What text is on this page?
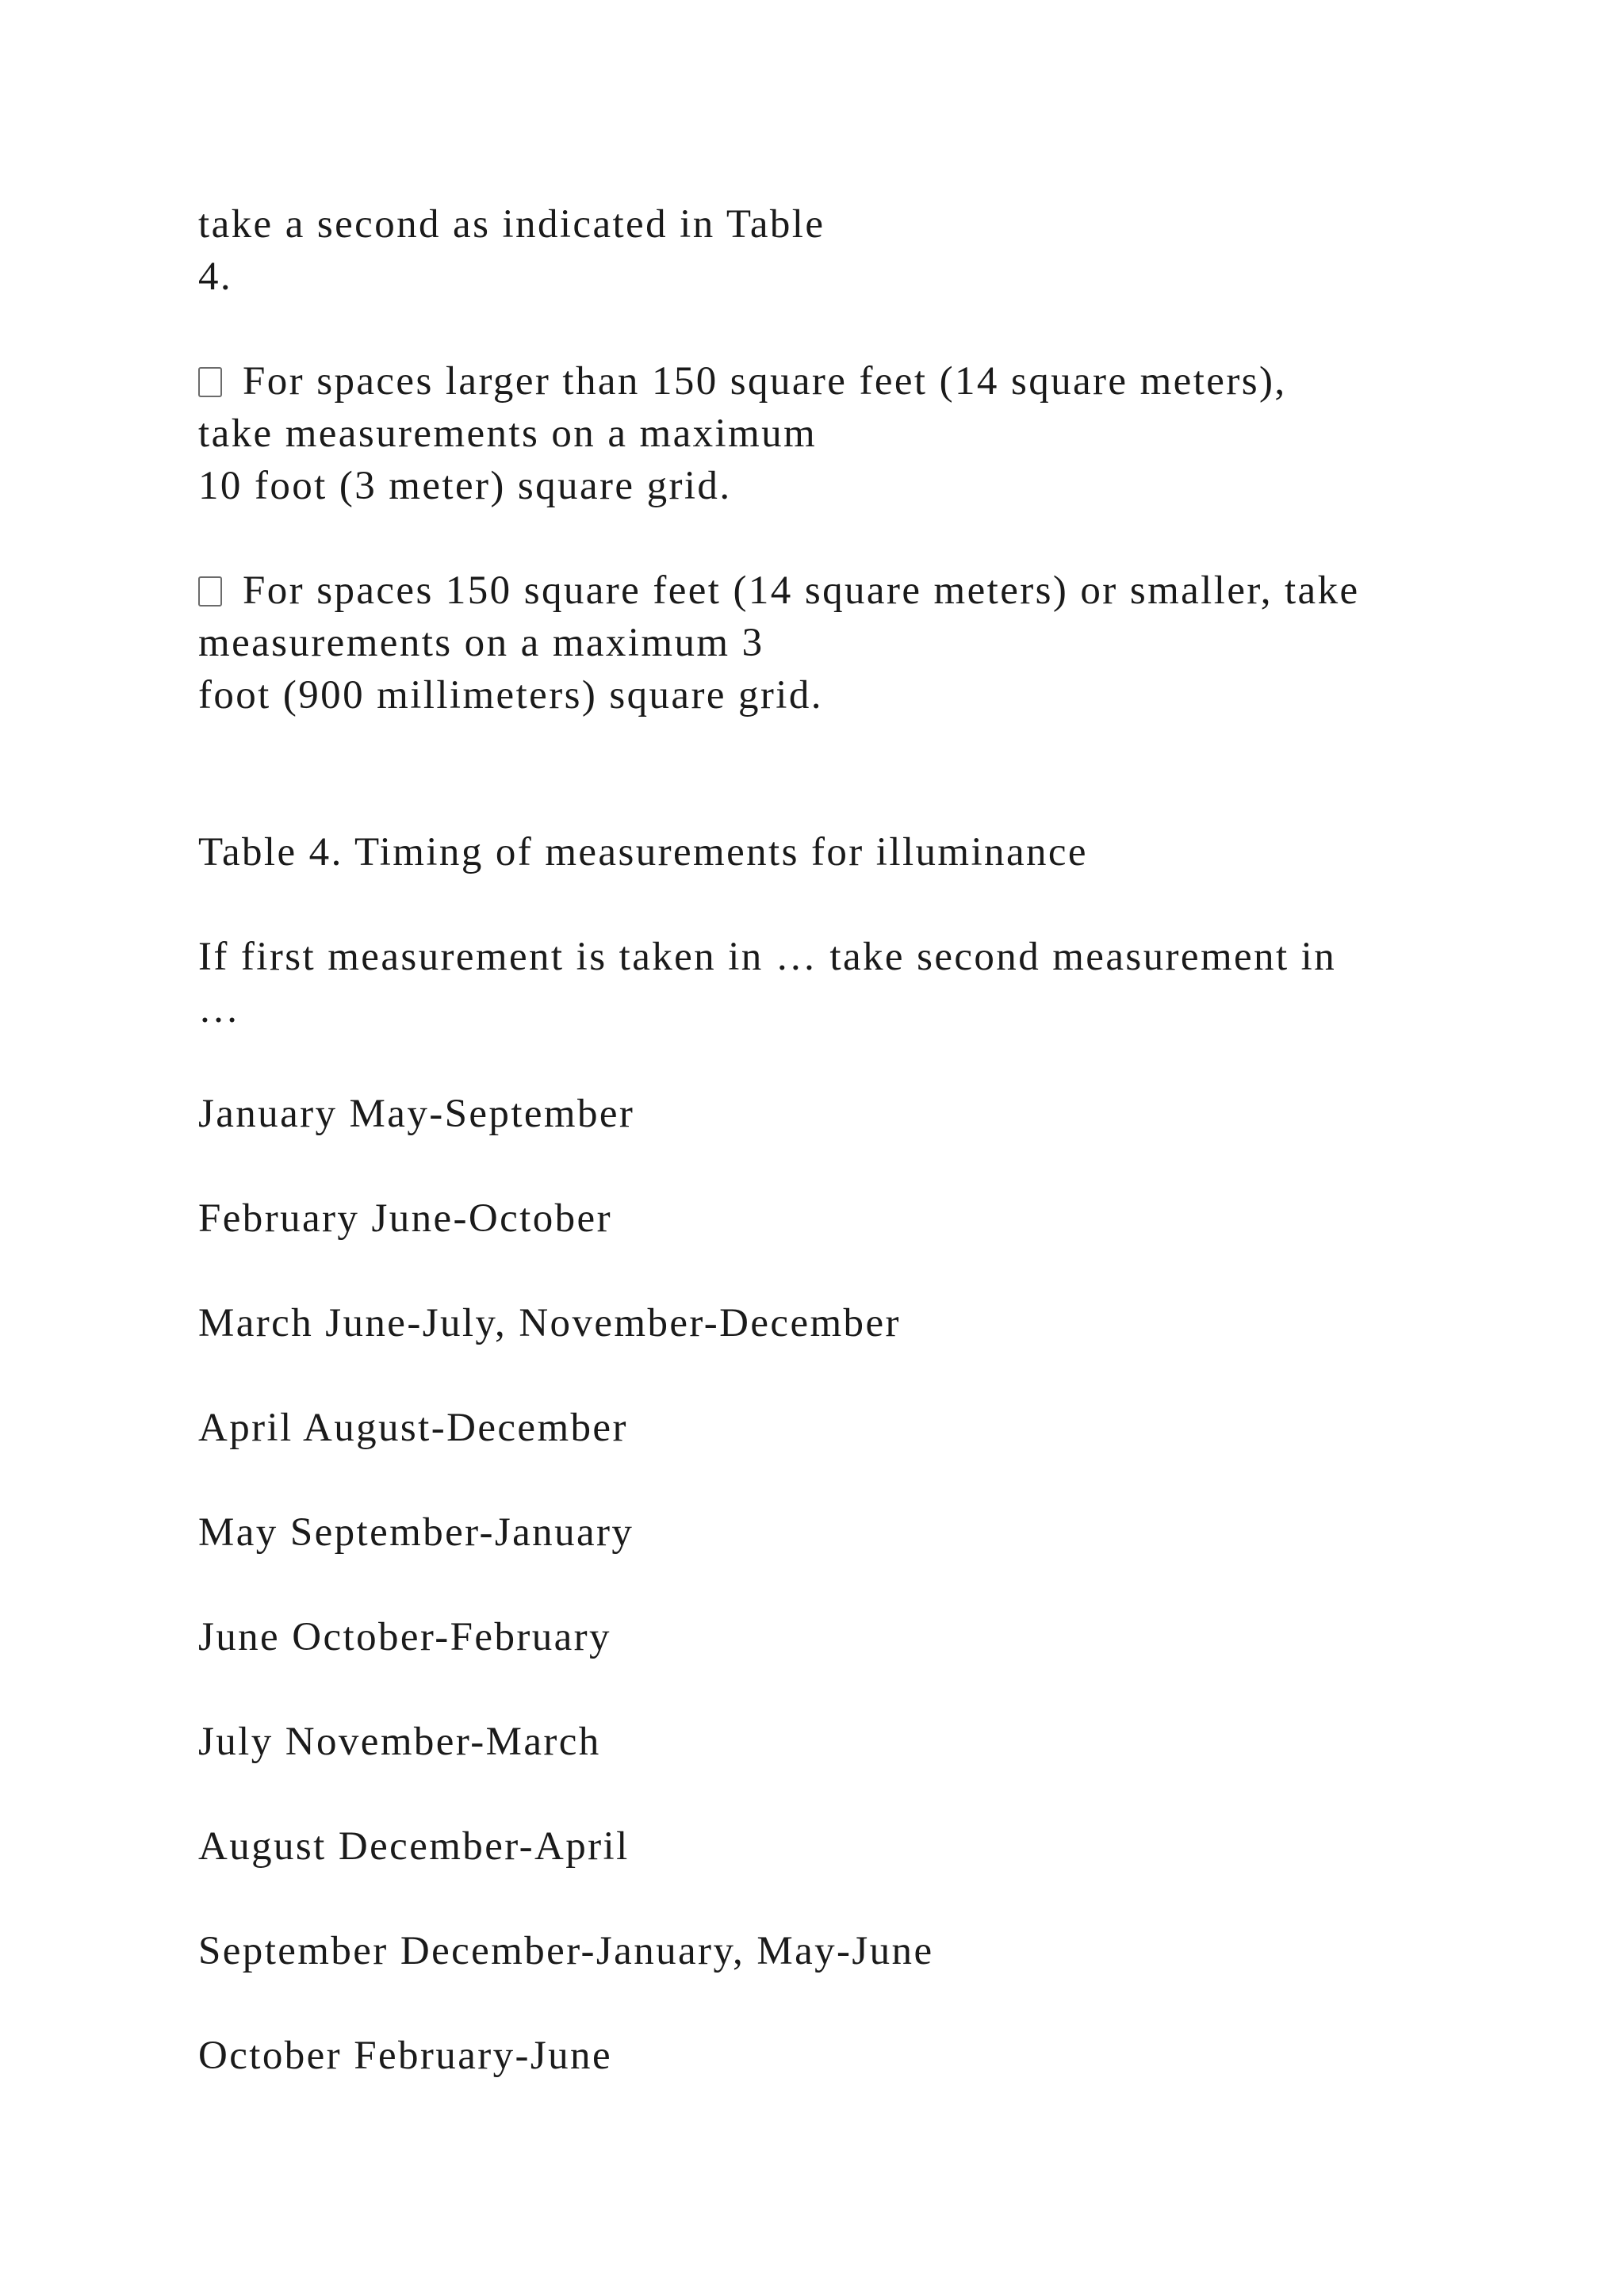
take a second as indicated in Table
4.
For spaces larger than 150 square feet (14 square meters),
take measurements on a maximum
10 foot (3 meter) square grid.
For spaces 150 square feet (14 square meters) or smaller, take
measurements on a maximum 3
foot (900 millimeters) square grid.
Table 4. Timing of measurements for illuminance
If first measurement is taken in … take second measurement in
…
January May-September
February June-October
March June-July, November-December
April August-December
May September-January
June October-February
July November-March
August December-April
September December-January, May-June
October February-June
